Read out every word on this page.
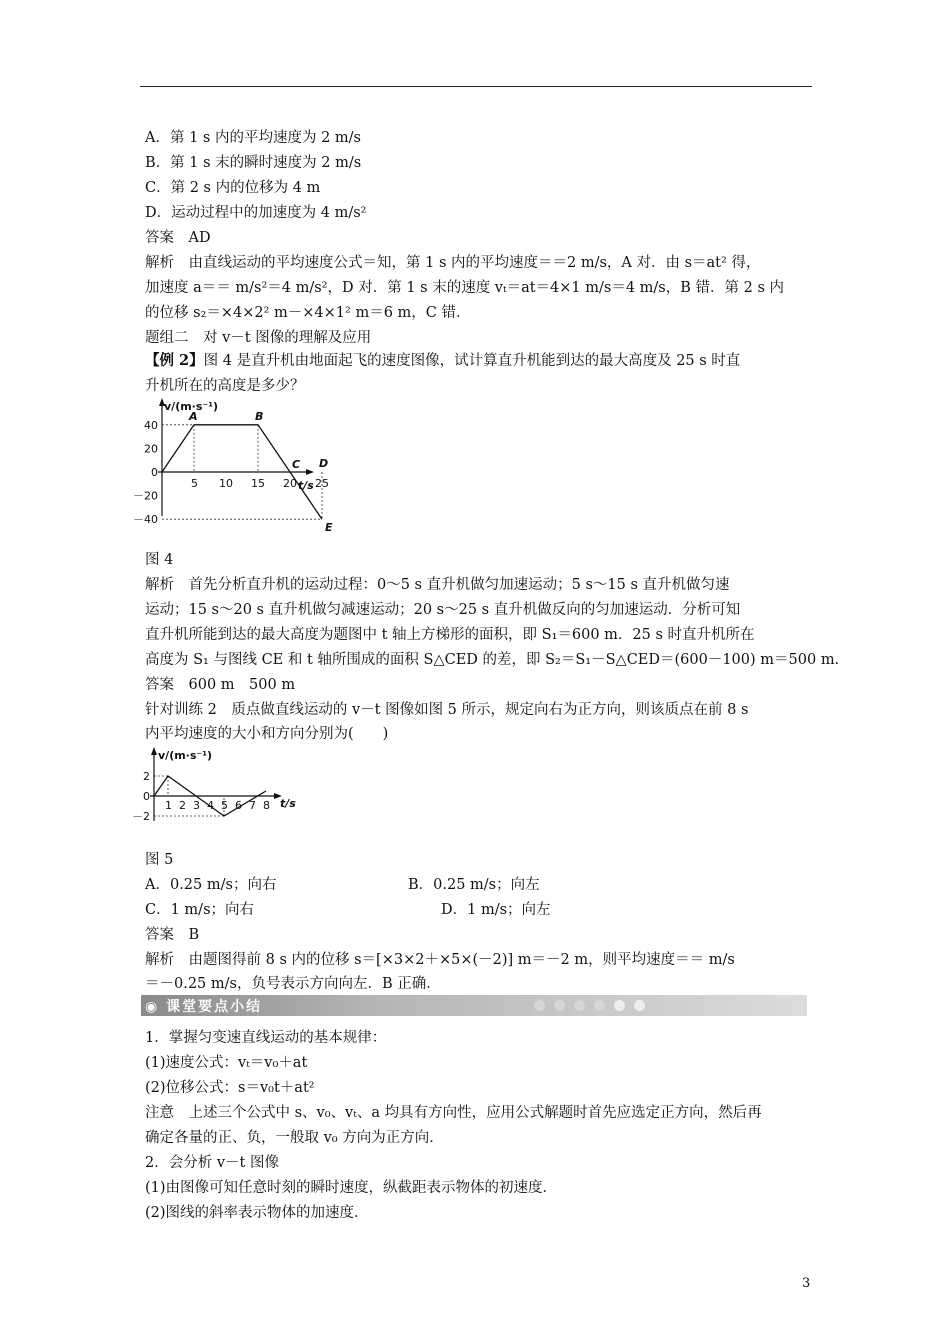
A．第 1 s 内的平均速度为 2 m/s
B．第 1 s 末的瞬时速度为 2 m/s
C．第 2 s 内的位移为 4 m
D．运动过程中的加速度为 4 m/s²
答案　AD
解析　由直线运动的平均速度公式＝知，第 1 s 内的平均速度＝＝2 m/s，A 对．由 s＝at² 得，
加速度 a＝＝ m/s²＝4 m/s²，D 对．第 1 s 末的速度 vₜ＝at＝4×1 m/s＝4 m/s，B 错．第 2 s 内
的位移 s₂＝×4×2² m－×4×1² m＝6 m，C 错．
题组二　对 v－t 图像的理解及应用
【例 2】图 4 是直升机由地面起飞的速度图像，试计算直升机能到达的最大高度及 25 s 时直
升机所在的高度是多少？
v/(m·s⁻¹)
t/s
5 10 15 20 25
40
20
0
－20
－40
A	B
C
E
D
图 4
解析　首先分析直升机的运动过程：0～5 s 直升机做匀加速运动；5 s～15 s 直升机做匀速
运动；15 s～20 s 直升机做匀减速运动；20 s～25 s 直升机做反向的匀加速运动．分析可知
直升机所能到达的最大高度为题图中 t 轴上方梯形的面积，即 S₁＝600 m．25 s 时直升机所在
高度为 S₁ 与图线 CE 和 t 轴所围成的面积 S△CED 的差，即 S₂＝S₁－S△CED＝(600－100) m＝500 m.
答案　600 m　500 m
针对训练 2　质点做直线运动的 v－t 图像如图 5 所示，规定向右为正方向，则该质点在前 8 s
内平均速度的大小和方向分别为(　　)
v/(m·s⁻¹)
t/s
1 2 3 4 5 6 7 8
2
0
－2
图 5
A．0.25 m/s；向右	B．0.25 m/s；向左
C．1 m/s；向右	D．1 m/s；向左
答案　B
解析　由题图得前 8 s 内的位移 s＝[×3×2＋×5×(－2)] m＝－2 m，则平均速度＝＝ m/s
＝－0.25 m/s，负号表示方向向左．B 正确．
◉ 课堂要点小结
1．掌握匀变速直线运动的基本规律：
(1)速度公式：vₜ＝v₀＋at
(2)位移公式：s＝v₀t＋at²
注意　上述三个公式中 s、v₀、vₜ、a 均具有方向性，应用公式解题时首先应选定正方向，然后再
确定各量的正、负，一般取 v₀ 方向为正方向．
2．会分析 v－t 图像
(1)由图像可知任意时刻的瞬时速度，纵截距表示物体的初速度．
(2)图线的斜率表示物体的加速度．
3
